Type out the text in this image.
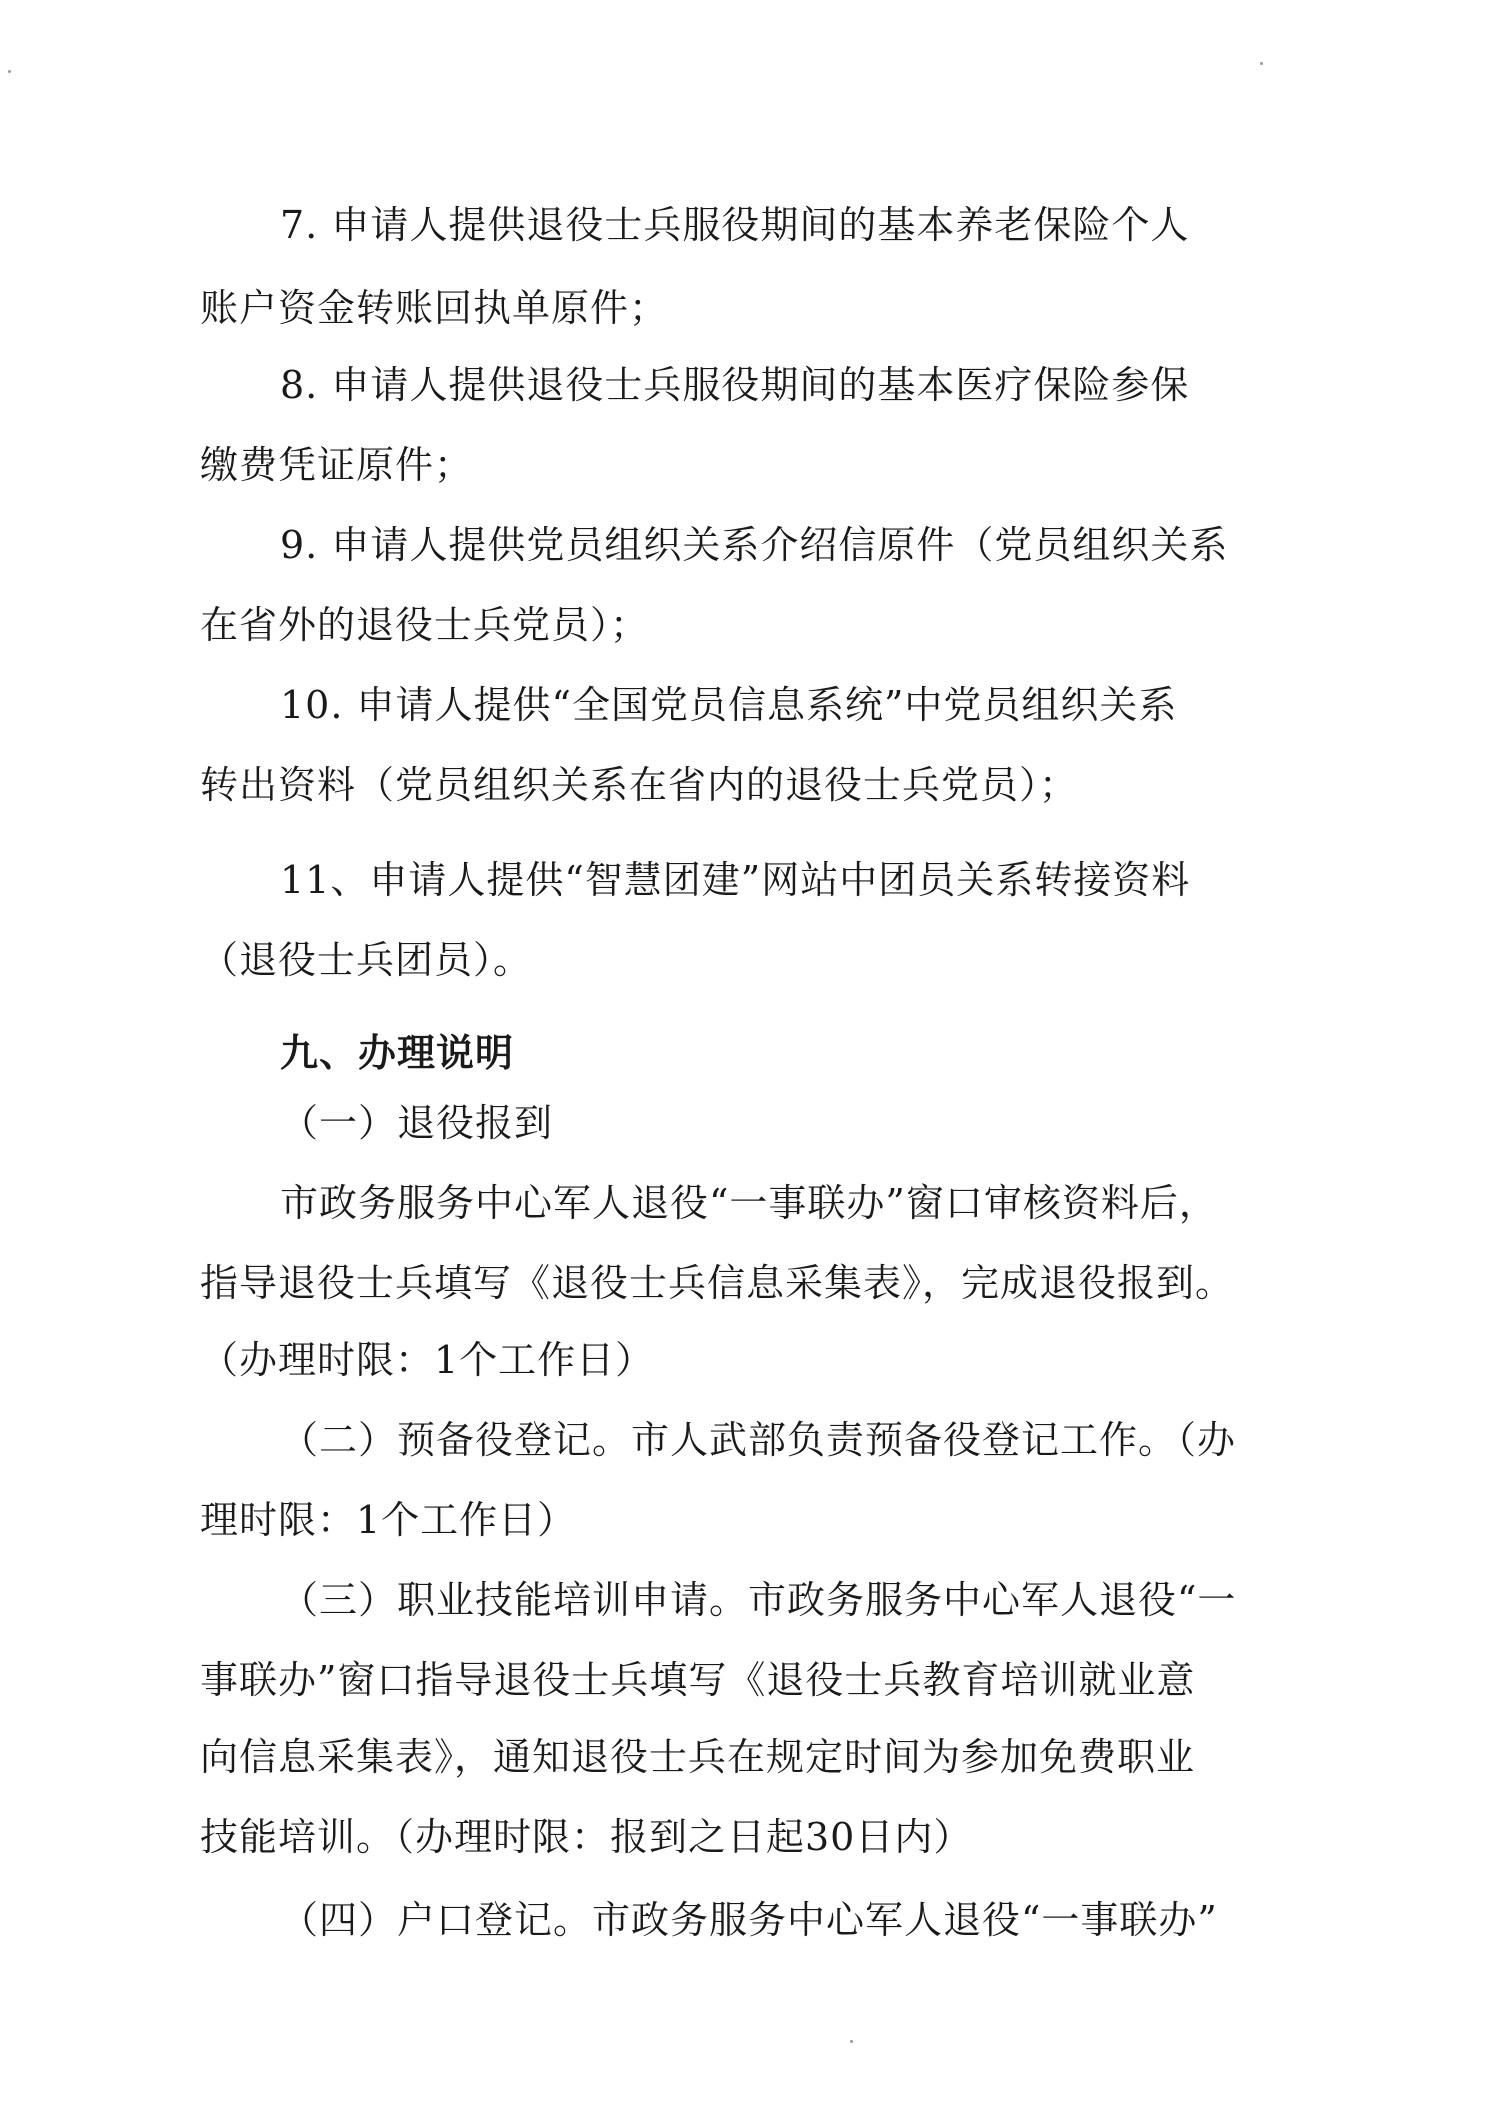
7. 申请人提供退役士兵服役期间的基本养老保险个人
账户资金转账回执单原件；
8. 申请人提供退役士兵服役期间的基本医疗保险参保
缴费凭证原件；
9. 申请人提供党员组织关系介绍信原件（党员组织关系
在省外的退役士兵党员）；
10. 申请人提供“全国党员信息系统”中党员组织关系
转出资料（党员组织关系在省内的退役士兵党员）；
11、申请人提供“智慧团建”网站中团员关系转接资料
（退役士兵团员）。
九、办理说明
（一）退役报到
市政务服务中心军人退役“一事联办”窗口审核资料后，
指导退役士兵填写《退役士兵信息采集表》，完成退役报到。
（办理时限：1个工作日）
（二）预备役登记。市人武部负责预备役登记工作。（办
理时限：1个工作日）
（三）职业技能培训申请。市政务服务中心军人退役“一
事联办”窗口指导退役士兵填写《退役士兵教育培训就业意
向信息采集表》，通知退役士兵在规定时间为参加免费职业
技能培训。（办理时限：报到之日起30日内）
（四）户口登记。市政务服务中心军人退役“一事联办”
